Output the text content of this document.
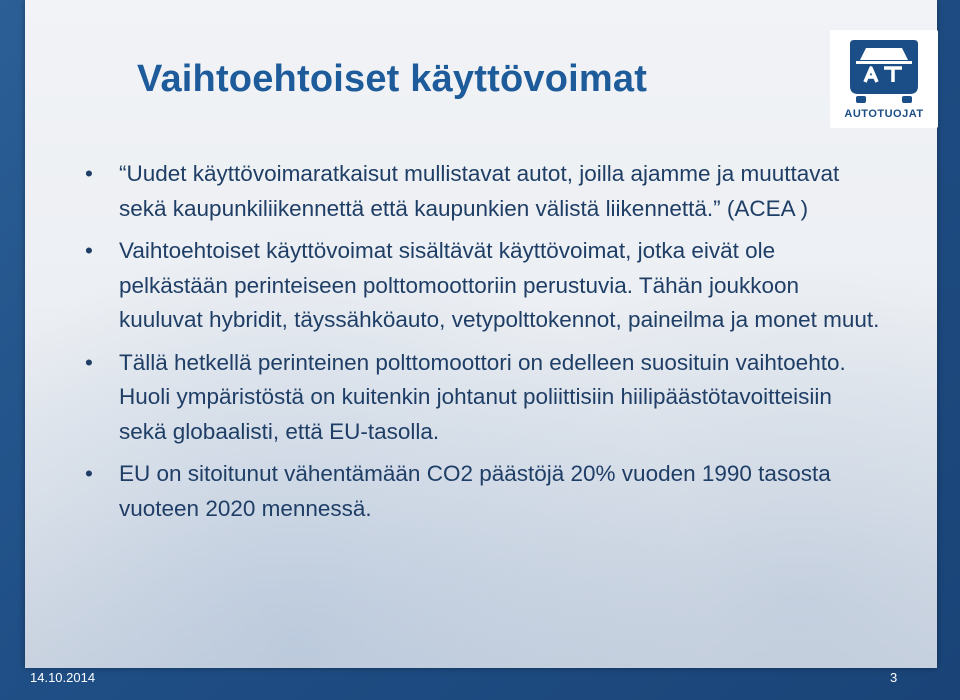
Vaihtoehtoiset käyttövoimat
AUTOTUOJAT
• “Uudet käyttövoimaratkaisut mullistavat autot, joilla ajamme ja muuttavat sekä kaupunkiliikennettä että kaupunkien välistä liikennettä.” (ACEA )
• Vaihtoehtoiset käyttövoimat sisältävät käyttövoimat, jotka eivät ole pelkästään perinteiseen polttomoottoriin perustuvia. Tähän joukkoon kuuluvat hybridit, täyssähköauto, vetypolttokennot, paineilma ja monet muut.
• Tällä hetkellä perinteinen polttomoottori on edelleen suosituin vaihtoehto. Huoli ympäristöstä on kuitenkin johtanut poliittisiin hiilipäästötavoitteisiin sekä globaalisti, että EU-tasolla.
• EU on sitoitunut vähentämään CO2 päästöjä 20% vuoden 1990 tasosta vuoteen 2020 mennessä.
14.10.2014	3
